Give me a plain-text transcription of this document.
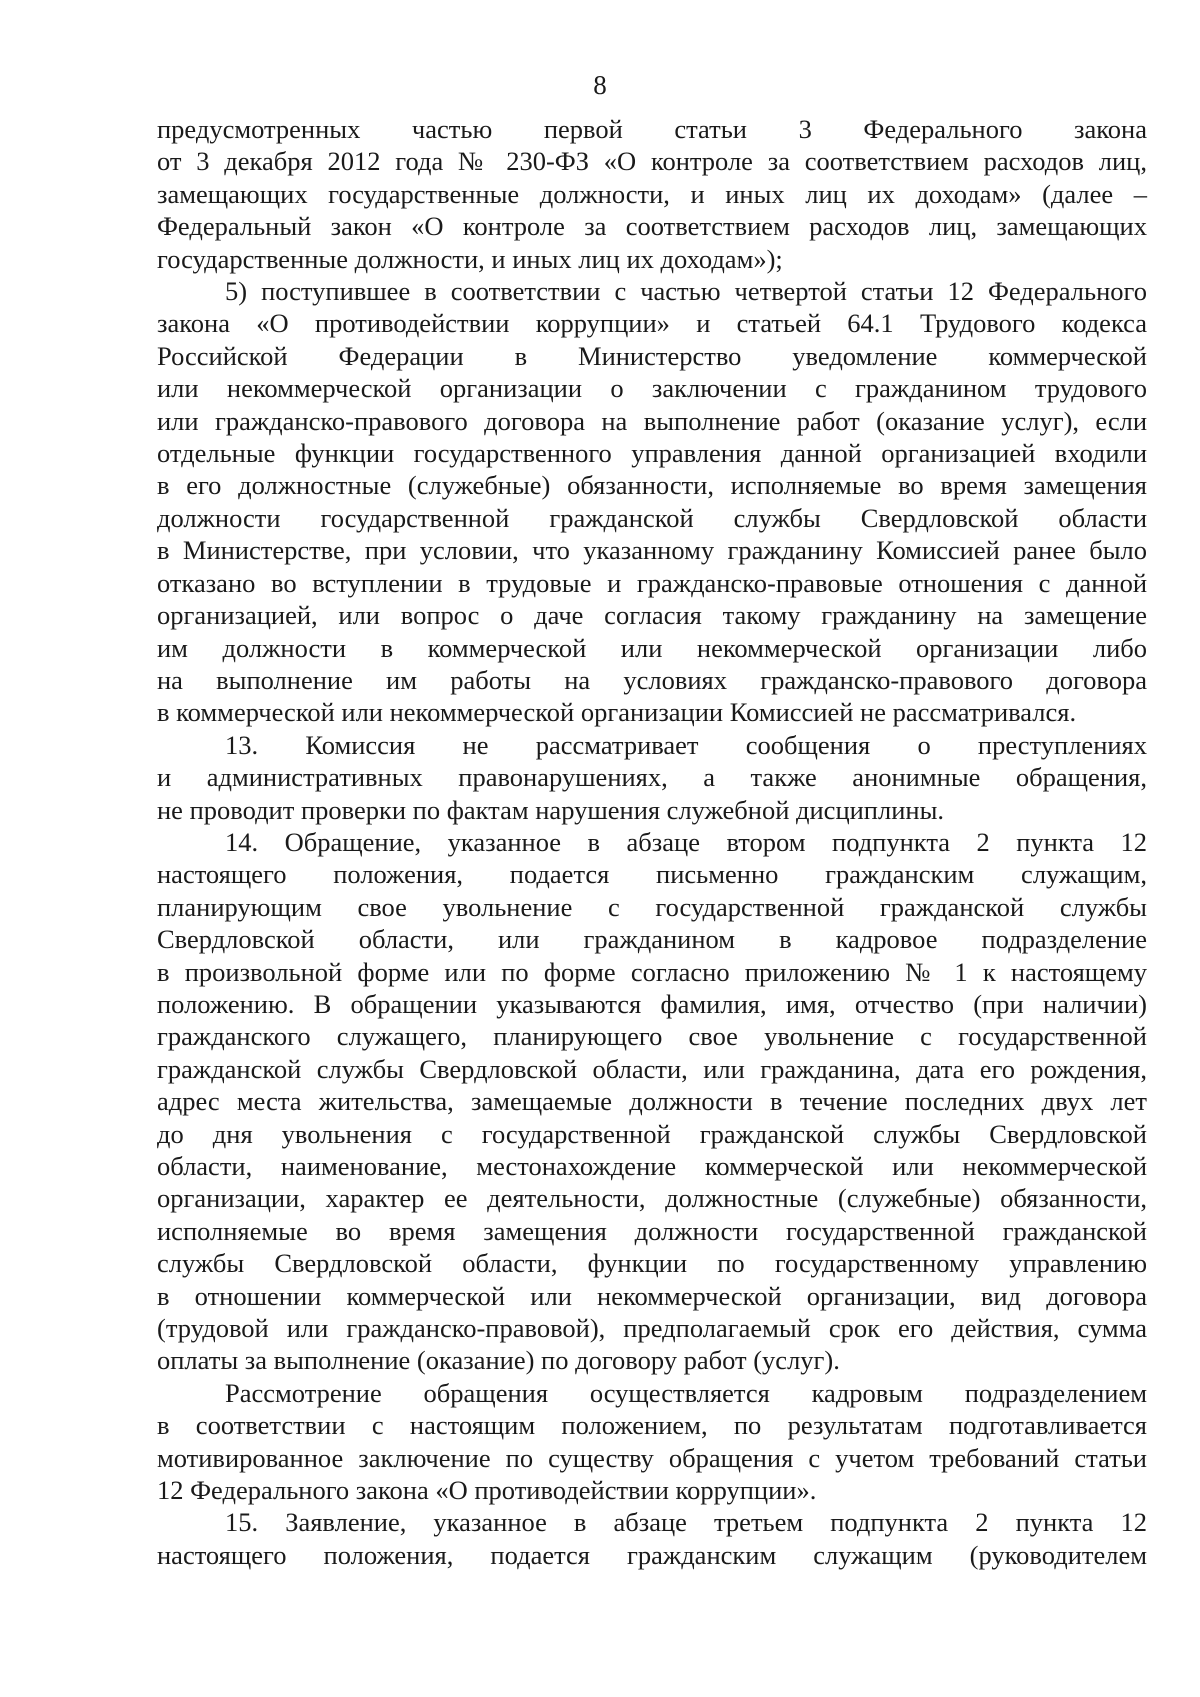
8
предусмотренных частью первой статьи 3 Федерального закона
от 3 декабря 2012 года № 230-ФЗ «О контроле за соответствием расходов лиц,
замещающих государственные должности, и иных лиц их доходам» (далее –
Федеральный закон «О контроле за соответствием расходов лиц, замещающих
государственные должности, и иных лиц их доходам»);
5) поступившее в соответствии с частью четвертой статьи 12 Федерального
закона «О противодействии коррупции» и статьей 64.1 Трудового кодекса
Российской Федерации в Министерство уведомление коммерческой
или некоммерческой организации о заключении с гражданином трудового
или гражданско-правового договора на выполнение работ (оказание услуг), если
отдельные функции государственного управления данной организацией входили
в его должностные (служебные) обязанности, исполняемые во время замещения
должности государственной гражданской службы Свердловской области
в Министерстве, при условии, что указанному гражданину Комиссией ранее было
отказано во вступлении в трудовые и гражданско-правовые отношения с данной
организацией, или вопрос о даче согласия такому гражданину на замещение
им должности в коммерческой или некоммерческой организации либо
на выполнение им работы на условиях гражданско-правового договора
в коммерческой или некоммерческой организации Комиссией не рассматривался.
13. Комиссия не рассматривает сообщения о преступлениях
и административных правонарушениях, а также анонимные обращения,
не проводит проверки по фактам нарушения служебной дисциплины.
14. Обращение, указанное в абзаце втором подпункта 2 пункта 12
настоящего положения, подается письменно гражданским служащим,
планирующим свое увольнение с государственной гражданской службы
Свердловской области, или гражданином в кадровое подразделение
в произвольной форме или по форме согласно приложению № 1 к настоящему
положению. В обращении указываются фамилия, имя, отчество (при наличии)
гражданского служащего, планирующего свое увольнение с государственной
гражданской службы Свердловской области, или гражданина, дата его рождения,
адрес места жительства, замещаемые должности в течение последних двух лет
до дня увольнения с государственной гражданской службы Свердловской
области, наименование, местонахождение коммерческой или некоммерческой
организации, характер ее деятельности, должностные (служебные) обязанности,
исполняемые во время замещения должности государственной гражданской
службы Свердловской области, функции по государственному управлению
в отношении коммерческой или некоммерческой организации, вид договора
(трудовой или гражданско-правовой), предполагаемый срок его действия, сумма
оплаты за выполнение (оказание) по договору работ (услуг).
Рассмотрение обращения осуществляется кадровым подразделением
в соответствии с настоящим положением, по результатам подготавливается
мотивированное заключение по существу обращения с учетом требований статьи
12 Федерального закона «О противодействии коррупции».
15. Заявление, указанное в абзаце третьем подпункта 2 пункта 12
настоящего положения, подается гражданским служащим (руководителем
